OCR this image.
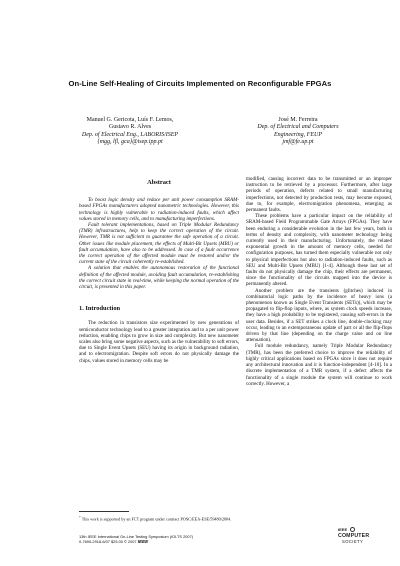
On-Line Self-Healing of Circuits Implemented on Reconfigurable FPGAs
Manuel G. Gericota, Luís F. Lemos,
Gustavo R. Alves
Dep. of Electrical Eng., LABORIS/ISEP
{mgg, lfl, gca}@isep.ipp.pt
José M. Ferreira
Dep. of Electrical and Computers
Engineering, FEUP
jmf@fe.up.pt
Abstract

To boost logic density and reduce per unit power consumption SRAM-based FPGAs manufacturers adopted nanometric technologies. However, this technology is highly vulnerable to radiation-induced faults, which affect values stored in memory cells, and to manufacturing imperfections.

Fault tolerant implementations, based on Triple Modular Redundancy (TMR) infrastructures, help to keep the correct operation of the circuit. However, TMR is not sufficient to guarantee the safe operation of a circuit. Other issues like module placement, the effects of Multi-Bit Upsets (MBU) or fault accumulation, have also to be addressed. In case of a fault occurrence the correct operation of the affected module must be restored and/or the current state of the circuit coherently re-established.

A solution that enables the autonomous restoration of the functional definition of the affected module, avoiding fault accumulation, re-establishing the correct circuit state in real-time, while keeping the normal operation of the circuit, is presented in this paper.

1. Introduction

The reduction in transistors size experimented by new generations of semiconductor technology lead to a greater integration and to a per unit power reduction, enabling chips to grow in size and complexity. But new nanometer scales also bring some negative aspects, such as the vulnerability to soft errors, due to Single Event Upsets (SEU) having its origin in background radiation, and to electromigration. Despite soft errors do not physically damage the chips, values stored in memory cells may be

modified, causing incorrect data to be transmitted or an improper instruction to be retrieved by a processor. Furthermore, after large periods of operation, defects related to small manufacturing imperfections, not detected by production tests, may become exposed, due to, for example, electromigration phenomena, emerging as permanent faults.

These problems have a particular impact on the reliability of SRAM-based Field Programmable Gate Arrays (FPGAs). They have been enduring a considerable evolution in the last few years, both in terms of density and complexity, with nanometer technology being currently used in their manufacturing. Unfortunately, the related exponential growth in the amount of memory cells, needed for configuration purposes, has turned them especially vulnerable not only to physical imperfections but also to radiation-induced faults, such as SEU and Multi-Bit Upsets (MBU) [1-4]. Although these last set of faults do not physically damage the chip, their effects are permanent, since the functionality of the circuits mapped into the device is permanently altered.

Another problem are the transients (glitches) induced in combinatorial logic paths by the incidence of heavy ions (a phenomenon known as Single Event Transients (SETs)), which may be propagated to flip-flop inputs, where, as system clock speeds increase, they have a high probability to be registered, causing soft-errors in the user data. Besides, if a SET strikes a clock line, double-clocking may occur, leading to an extemporaneous update of part or all the flip-flops driven by that line (depending on the charge value and on line attenuation).

Full module redundancy, namely Triple Modular Redundancy (TMR), has been the preferred choice to improve the reliability of highly critical applications based on FPGAs since it does not require any architectural innovation and it is function-independent [4-10]. In a discrete implementation of a TMR system, if a defect affects the functionality of a single module the system will continue to work correctly. However, a

* This work is supported by an FCT program under contract POSC/EEA-ESE/59480/2004.
13th IEEE International On-Line Testing Symposium (IOLTS 2007)
0-7695-2918-6/07 $25.00 © 2007 IEEE
IEEE
COMPUTER
SOCIETY
